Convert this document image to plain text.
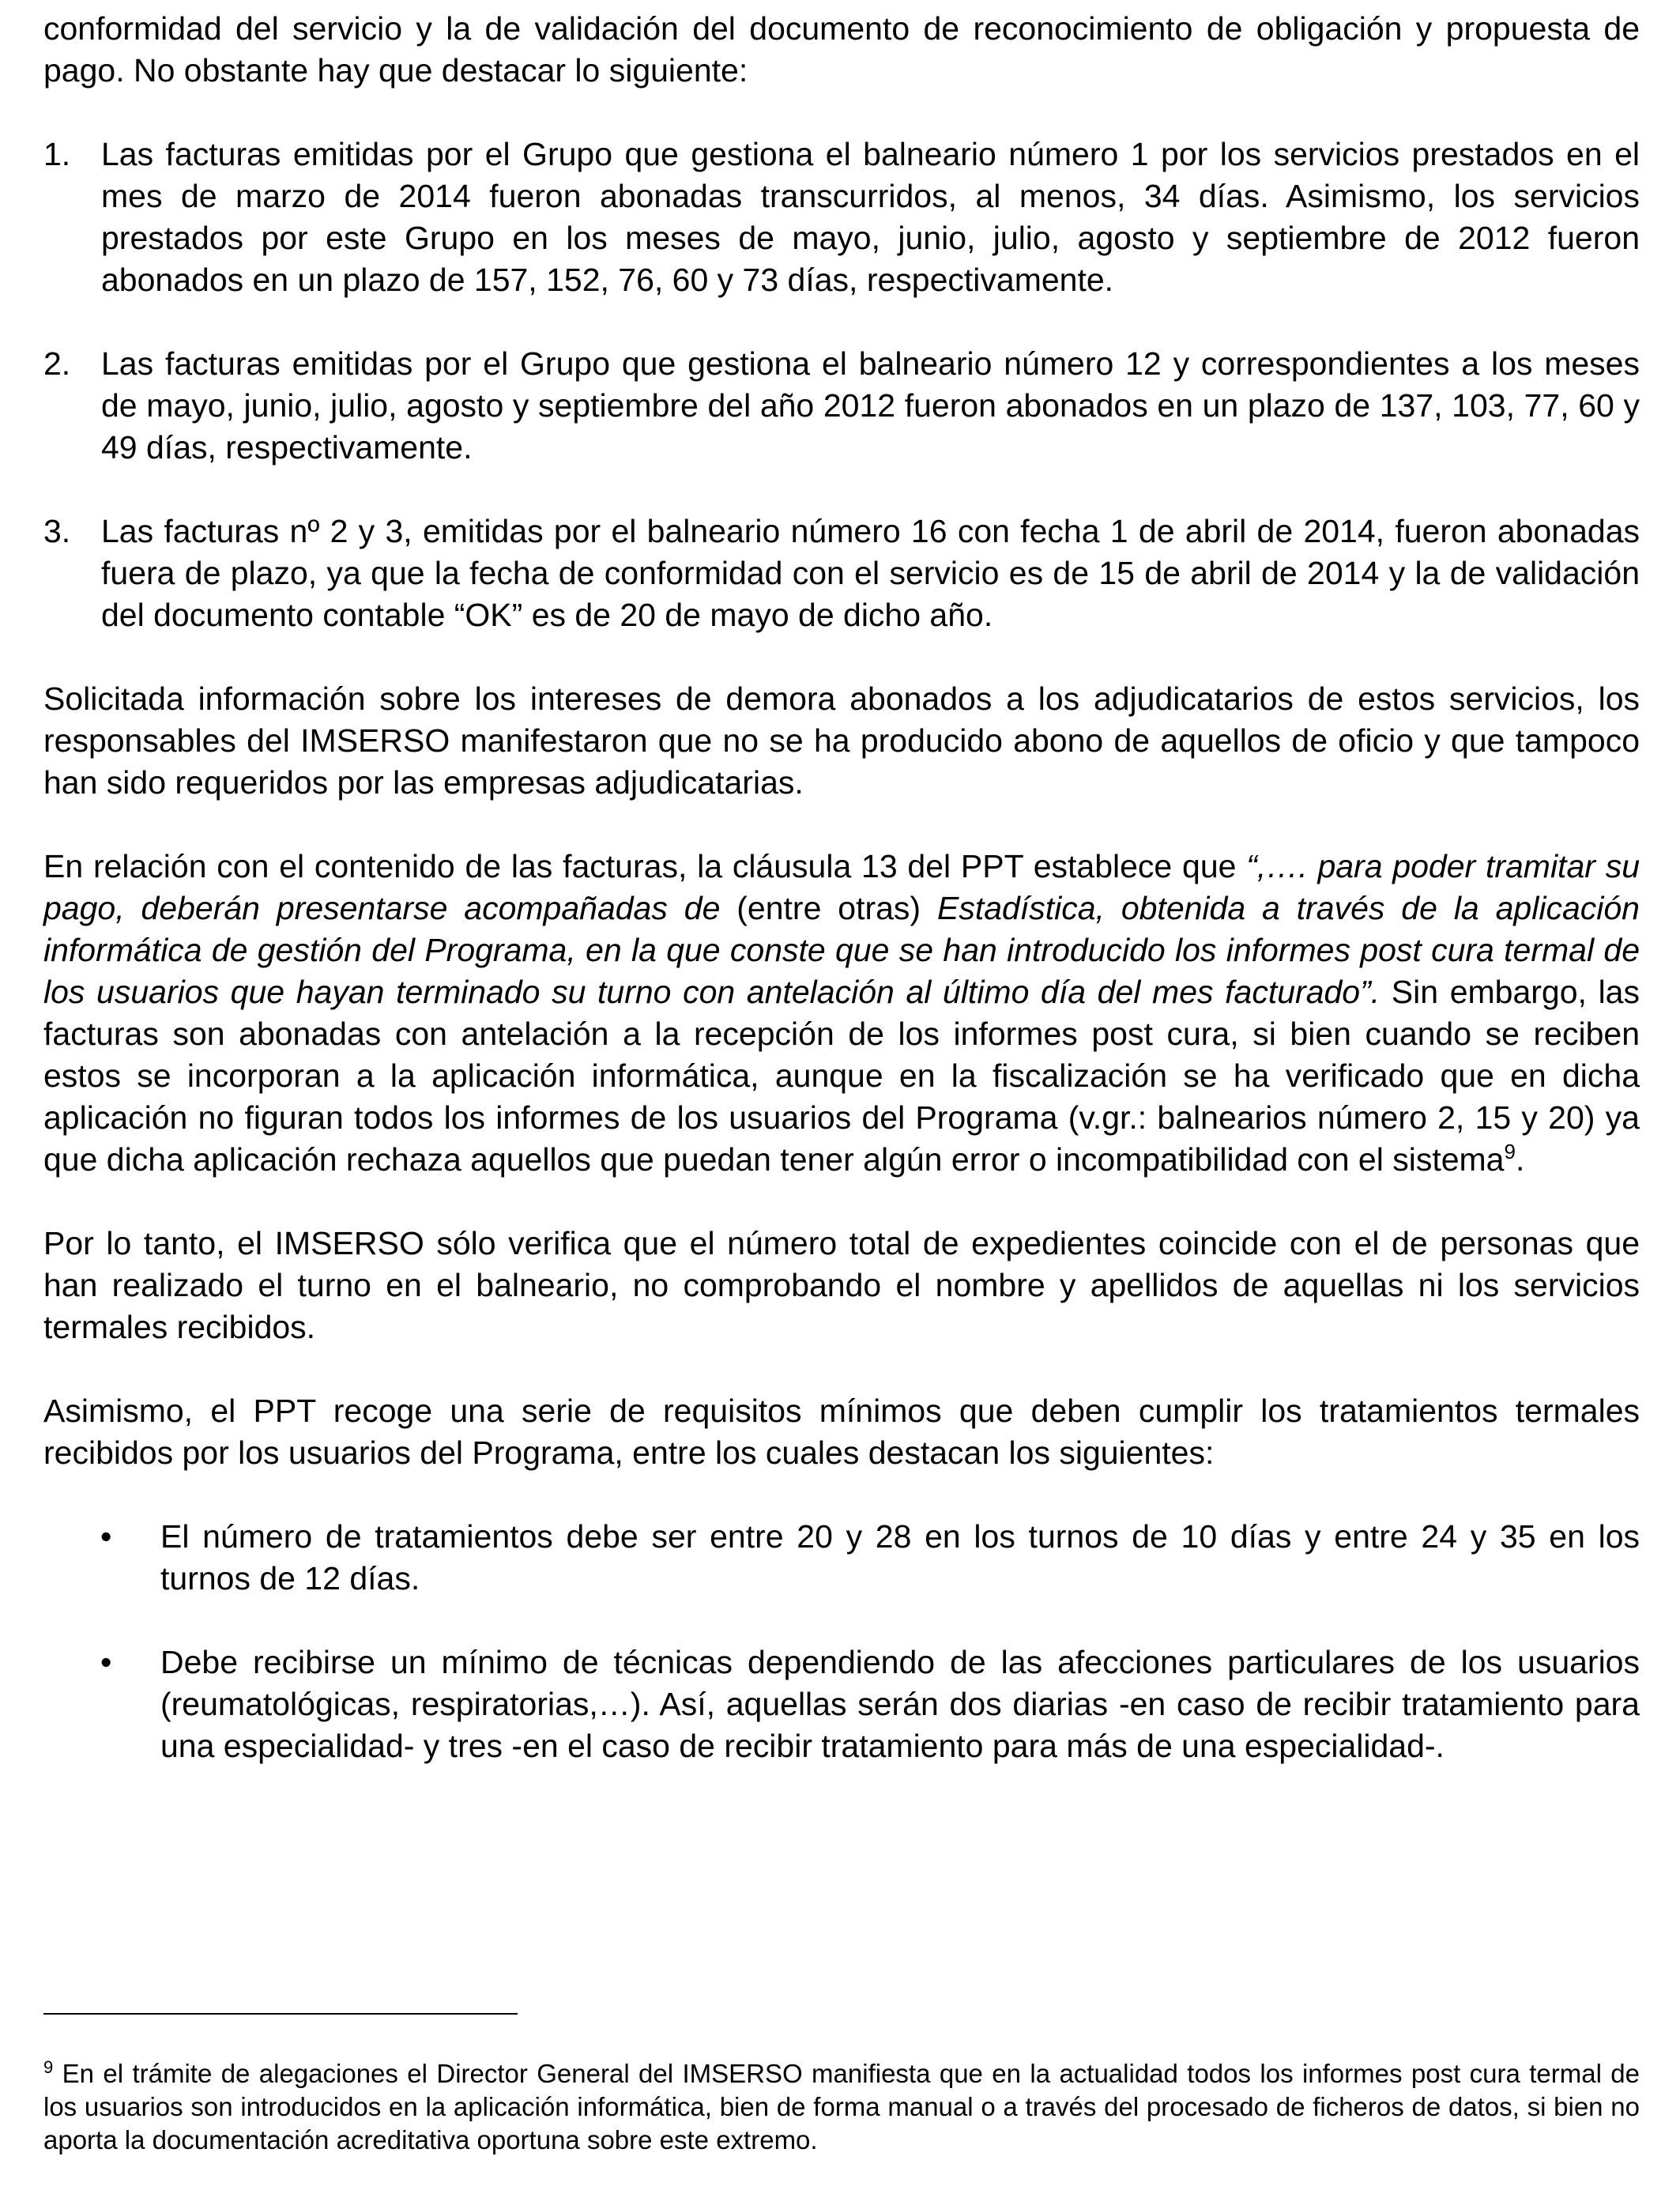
conformidad del servicio y la de validación del documento de reconocimiento de obligación y propuesta de pago. No obstante hay que destacar lo siguiente:

1. Las facturas emitidas por el Grupo que gestiona el balneario número 1 por los servicios prestados en el mes de marzo de 2014 fueron abonadas transcurridos, al menos, 34 días. Asimismo, los servicios prestados por este Grupo en los meses de mayo, junio, julio, agosto y septiembre de 2012 fueron abonados en un plazo de 157, 152, 76, 60 y 73 días, respectivamente.
2. Las facturas emitidas por el Grupo que gestiona el balneario número 12 y correspondientes a los meses de mayo, junio, julio, agosto y septiembre del año 2012 fueron abonados en un plazo de 137, 103, 77, 60 y 49 días, respectivamente.
3. Las facturas nº 2 y 3, emitidas por el balneario número 16 con fecha 1 de abril de 2014, fueron abonadas fuera de plazo, ya que la fecha de conformidad con el servicio es de 15 de abril de 2014 y la de validación del documento contable “OK” es de 20 de mayo de dicho año.

Solicitada información sobre los intereses de demora abonados a los adjudicatarios de estos servicios, los responsables del IMSERSO manifestaron que no se ha producido abono de aquellos de oficio y que tampoco han sido requeridos por las empresas adjudicatarias.

En relación con el contenido de las facturas, la cláusula 13 del PPT establece que “,…. para poder tramitar su pago, deberán presentarse acompañadas de (entre otras) Estadística, obtenida a través de la aplicación informática de gestión del Programa, en la que conste que se han introducido los informes post cura termal de los usuarios que hayan terminado su turno con antelación al último día del mes facturado”. Sin embargo, las facturas son abonadas con antelación a la recepción de los informes post cura, si bien cuando se reciben estos se incorporan a la aplicación informática, aunque en la fiscalización se ha verificado que en dicha aplicación no figuran todos los informes de los usuarios del Programa (v.gr.: balnearios número 2, 15 y 20) ya que dicha aplicación rechaza aquellos que puedan tener algún error o incompatibilidad con el sistema$^9$.

Por lo tanto, el IMSERSO sólo verifica que el número total de expedientes coincide con el de personas que han realizado el turno en el balneario, no comprobando el nombre y apellidos de aquellas ni los servicios termales recibidos.

Asimismo, el PPT recoge una serie de requisitos mínimos que deben cumplir los tratamientos termales recibidos por los usuarios del Programa, entre los cuales destacan los siguientes:

• El número de tratamientos debe ser entre 20 y 28 en los turnos de 10 días y entre 24 y 35 en los turnos de 12 días.
• Debe recibirse un mínimo de técnicas dependiendo de las afecciones particulares de los usuarios (reumatológicas, respiratorias,…). Así, aquellas serán dos diarias -en caso de recibir tratamiento para una especialidad- y tres -en el caso de recibir tratamiento para más de una especialidad-.
$^9$ En el trámite de alegaciones el Director General del IMSERSO manifiesta que en la actualidad todos los informes post cura termal de los usuarios son introducidos en la aplicación informática, bien de forma manual o a través del procesado de ficheros de datos, si bien no aporta la documentación acreditativa oportuna sobre este extremo.
